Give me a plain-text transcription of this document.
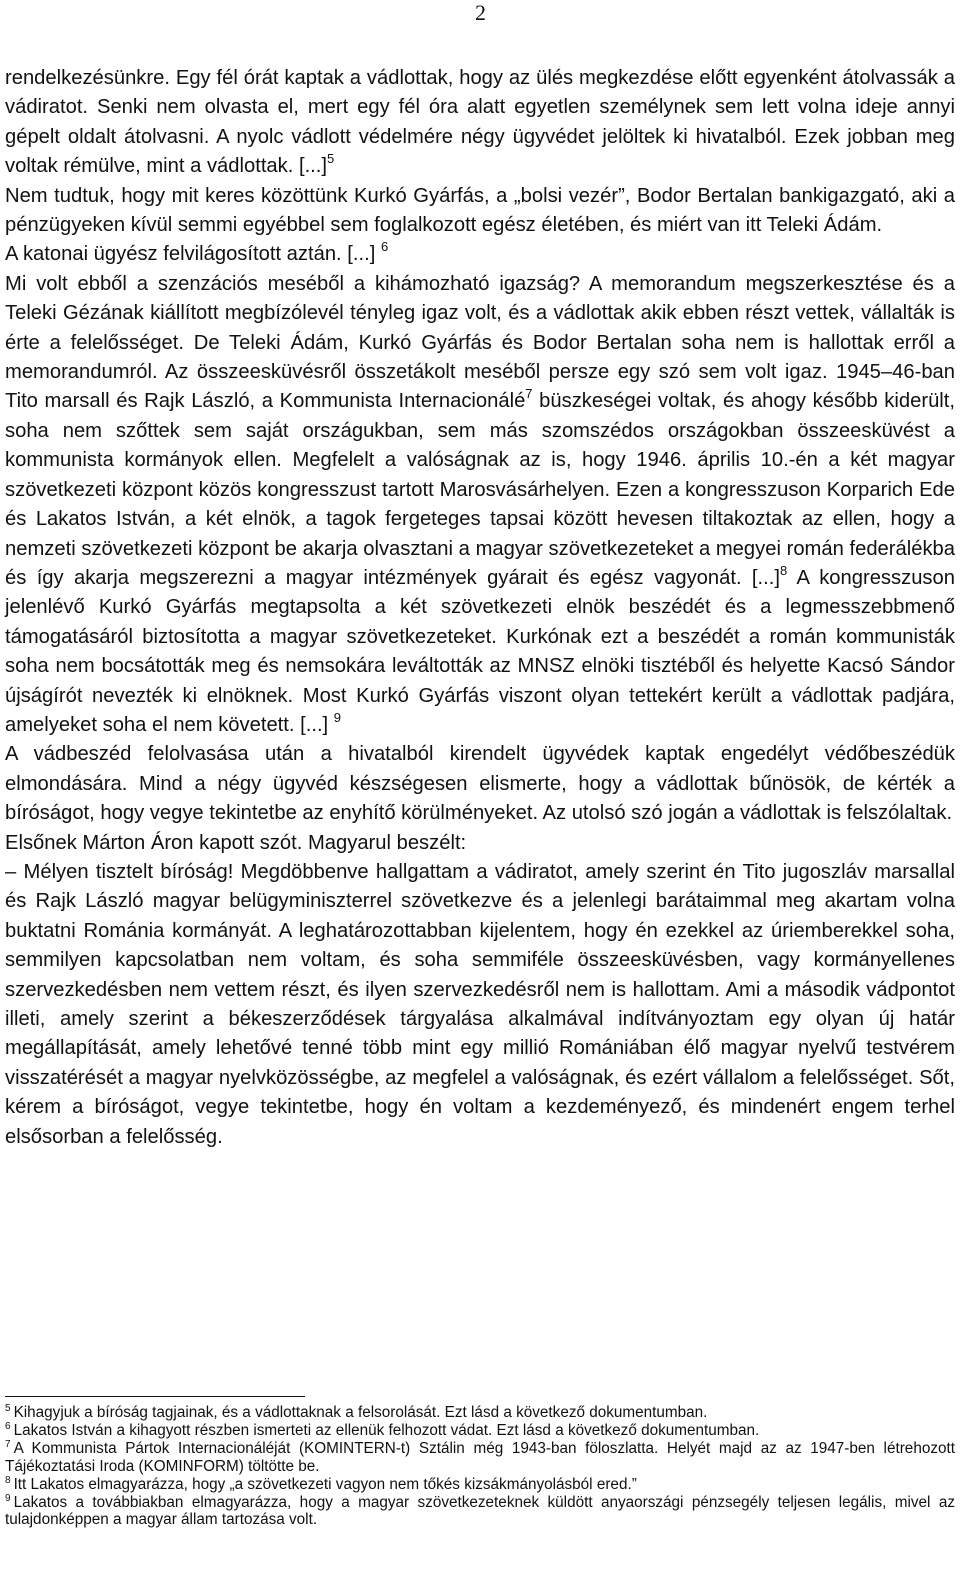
2

rendelkezésünkre. Egy fél órát kaptak a vádlottak, hogy az ülés megkezdése előtt egyenként átolvassák a vádiratot. Senki nem olvasta el, mert egy fél óra alatt egyetlen személynek sem lett volna ideje annyi gépelt oldalt átolvasni. A nyolc vádlott védelmére négy ügyvédet jelöltek ki hivatalból. Ezek jobban meg voltak rémülve, mint a vádlottak. [...]$^5$

Nem tudtuk, hogy mit keres közöttünk Kurkó Gyárfás, a „bolsi vezér”, Bodor Bertalan bankigazgató, aki a pénzügyeken kívül semmi egyébbel sem foglalkozott egész életében, és miért van itt Teleki Ádám.

A katonai ügyész felvilágosított aztán. [...] $^6$

Mi volt ebből a szenzációs meséből a kihámozható igazság? A memorandum megszerkesztése és a Teleki Gézának kiállított megbízólevél tényleg igaz volt, és a vádlottak akik ebben részt vettek, vállalták is érte a felelősséget. De Teleki Ádám, Kurkó Gyárfás és Bodor Bertalan soha nem is hallottak erről a memorandumról. Az összeesküvésről összetákolt meséből persze egy szó sem volt igaz. 1945–46-ban Tito marsall és Rajk László, a Kommunista Internacionálé$^7$ büszkeségei voltak, és ahogy később kiderült, soha nem szőttek sem saját országukban, sem más szomszédos országokban összeesküvést a kommunista kormányok ellen. Megfelelt a valóságnak az is, hogy 1946. április 10.-én a két magyar szövetkezeti központ közös kongresszust tartott Marosvásárhelyen. Ezen a kongresszuson Korparich Ede és Lakatos István, a két elnök, a tagok fergeteges tapsai között hevesen tiltakoztak az ellen, hogy a nemzeti szövetkezeti központ be akarja olvasztani a magyar szövetkezeteket a megyei román federálékba és így akarja megszerezni a magyar intézmények gyárait és egész vagyonát. [...]$^8$ A kongresszuson jelenlévő Kurkó Gyárfás megtapsolta a két szövetkezeti elnök beszédét és a legmesszebbmenő támogatásáról biztosította a magyar szövetkezeteket. Kurkónak ezt a beszédét a román kommunisták soha nem bocsátották meg és nemsokára leváltották az MNSZ elnöki tisztéből és helyette Kacsó Sándor újságírót nevezték ki elnöknek. Most Kurkó Gyárfás viszont olyan tettekért került a vádlottak padjára, amelyeket soha el nem követett. [...] $^9$

A vádbeszéd felolvasása után a hivatalból kirendelt ügyvédek kaptak engedélyt védőbeszédük elmondására. Mind a négy ügyvéd készségesen elismerte, hogy a vádlottak bűnösök, de kérték a bíróságot, hogy vegye tekintetbe az enyhítő körülményeket. Az utolsó szó jogán a vádlottak is felszólaltak.

Elsőnek Márton Áron kapott szót. Magyarul beszélt:

– Mélyen tisztelt bíróság! Megdöbbenve hallgattam a vádiratot, amely szerint én Tito jugoszláv marsallal és Rajk László magyar belügyminiszterrel szövetkezve és a jelenlegi barátaimmal meg akartam volna buktatni Románia kormányát. A leghatározottabban kijelentem, hogy én ezekkel az úriemberekkel soha, semmilyen kapcsolatban nem voltam, és soha semmiféle összeesküvésben, vagy kormányellenes szervezkedésben nem vettem részt, és ilyen szervezkedésről nem is hallottam. Ami a második vádpontot illeti, amely szerint a békeszerződések tárgyalása alkalmával indítványoztam egy olyan új határ megállapítását, amely lehetővé tenné több mint egy millió Romániában élő magyar nyelvű testvérem visszatérését a magyar nyelvközösségbe, az megfelel a valóságnak, és ezért vállalom a felelősséget. Sőt, kérem a bíróságot, vegye tekintetbe, hogy én voltam a kezdeményező, és mindenért engem terhel elsősorban a felelősség.

$^5$ Kihagyjuk a bíróság tagjainak, és a vádlottaknak a felsorolását. Ezt lásd a következő dokumentumban.

$^6$ Lakatos István a kihagyott részben ismerteti az ellenük felhozott vádat. Ezt lásd a következő dokumentumban.

$^7$ A Kommunista Pártok Internacionáléját (KOMINTERN-t) Sztálin még 1943-ban föloszlatta. Helyét majd az az 1947-ben létrehozott Tájékoztatási Iroda (KOMINFORM) töltötte be.

$^8$ Itt Lakatos elmagyarázza, hogy „a szövetkezeti vagyon nem tőkés kizsákmányolásból ered.”

$^9$ Lakatos a továbbiakban elmagyarázza, hogy a magyar szövetkezeteknek küldött anyaországi pénzsegély teljesen legális, mivel az tulajdonképpen a magyar állam tartozása volt.
